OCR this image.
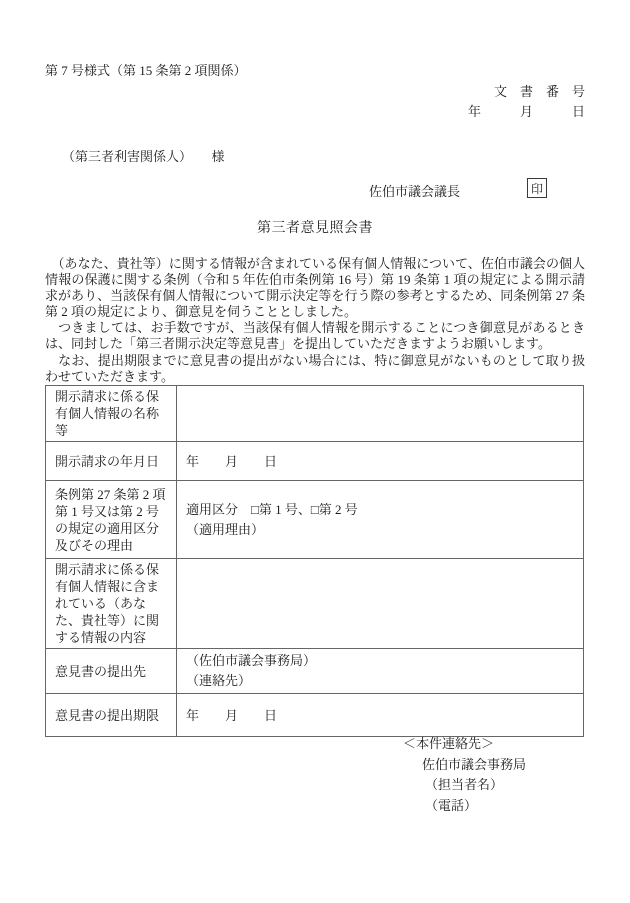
第 7 号様式（第 15 条第 2 項関係）
文　書　番　号
年　　　月　　　日
（第三者利害関係人）　　様
佐伯市議会議長	印
第三者意見照会書

　（あなた、貴社等）に関する情報が含まれている保有個人情報について、佐伯市議会の個人情報の保護に関する条例（令和 5 年佐伯市条例第 16 号）第 19 条第 1 項の規定による開示請求があり、当該保有個人情報について開示決定等を行う際の参考とするため、同条例第 27 条第 2 項の規定により、御意見を伺うこととしました。

　つきましては、お手数ですが、当該保有個人情報を開示することにつき御意見があるときは、同封した「第三者開示決定等意見書」を提出していただきますようお願いします。

　なお、提出期限までに意見書の提出がない場合には、特に御意見がないものとして取り扱わせていただきます。

開示請求に係る保有個人情報の名称等	
開示請求の年月日	年　　月　　日
条例第 27 条第 2 項第 1 号又は第 2 号の規定の適用区分及びその理由	適用区分　□第 1 号、□第 2 号
（適用理由）

開示請求に係る保有個人情報に含まれている（あなた、貴社等）に関する情報の内容	
意見書の提出先	（佐伯市議会事務局）
（連絡先）

意見書の提出期限	年　　月　　日
＜本件連絡先＞
佐伯市議会事務局
（担当者名）
（電話）
